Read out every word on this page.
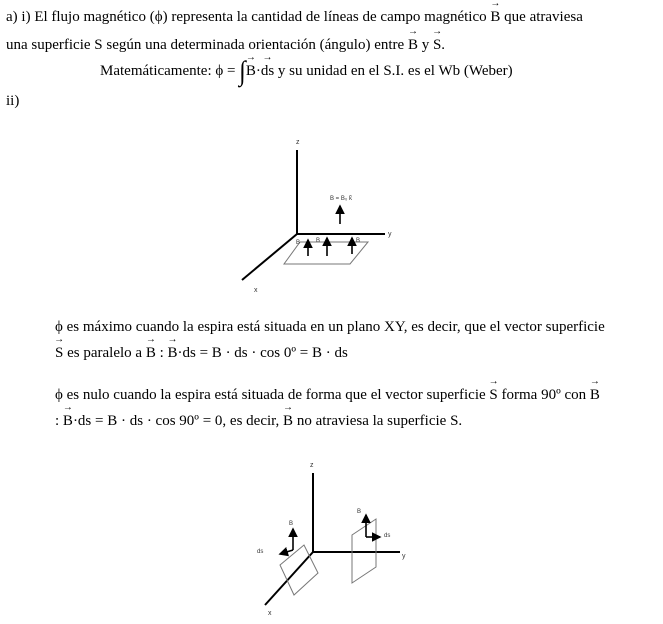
a) i) El flujo magnético (ϕ) representa la cantidad de líneas de campo magnético → B que atraviesa
una superficie S según una determinada orientación (ángulo) entre → B y → S.
Matemáticamente: ϕ = ∫→ B·→ ds y su unidad en el S.I. es el Wb (Weber)
ii)
z
y
x
B = B₀ k̂
B	B	B
ϕ es máximo cuando la espira está situada en un plano XY, es decir, que el vector superficie
→ S es paralelo a → B : → B·ds = B · ds · cos 0º = B · ds
ϕ es nulo cuando la espira está situada de forma que el vector superficie → S forma 90º con → B
: → B·ds = B · ds · cos 90º = 0, es decir, → B no atraviesa la superficie S.
z
y
x
B
ds
B
ds
